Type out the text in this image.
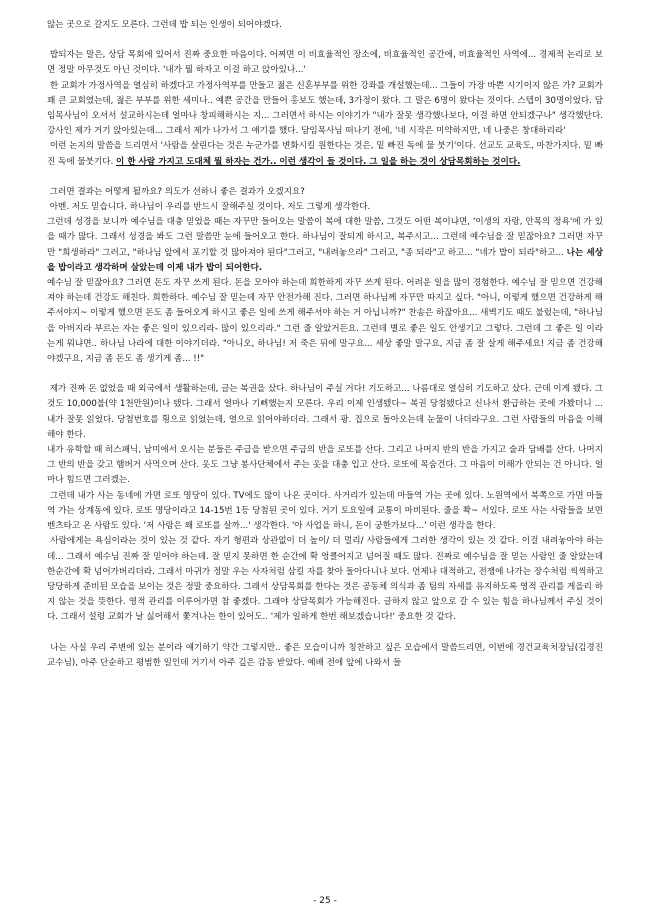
않는 곳으로 갈지도 모른다. 그런데 밥 되는 인생이 되어야겠다.

밥되자는 말은, 상담 목회에 있어서 진짜 중요한 마음이다. 어찌면 이 비효율적인 장소에, 비효율적인 공간에, 비효율적인 사역에... 경제적 논리로 보면 정말 아무것도 아닌 것이다. '내가 뭘 하자고 이걸 하고 앉아있나...'

한 교회가 가정사역을 열심히 하겠다고 가정사역부를 만들고 젊은 신혼부부를 위한 강좌를 개설했는데... 그들이 가장 바쁜 시기이지 않은 가? 교회가 꽤 큰 교회였는데, 젊은 부부를 위한 세미나.. 예쁜 공간을 만들어 홍보도 했는데, 3가정이 왔다. 그 말은 6명이 왔다는 것이다. 스텝이 30명이었다. 담임목사님이 오셔서 설교하시는데 얼마나 창피해하시는 지... 그러면서 하시는 이야기가 "내가 잘못 생각했나보다, 이걸 하면 안되겠구나" 생각했단다. 강사인 제가 거기 앉아있는데... 그래서 제가 나가서 그 얘기를 했다. 담임목사님 떠나기 전에, '네 시작은 미약하지만, 네 나중은 창대하리라'

이런 논지의 말씀을 드리면서 '사람을 살린다는 것은 누군가를 변화시킬 원한다는 것은, 밑 빠진 독에 물 붓기'이다. 선교도 교육도, 마찬가지다. 밑 빠진 독에 물붓기다. 이 한 사람 가지고 도대체 뭘 하자는 건가.. 이런 생각이 들 것이다. 그 일을 하는 것이 상담목회하는 것이다.

그러면 결과는 어떻게 될까요? 의도가 선하니 좋은 결과가 오겠지요?

아멘. 저도 믿습니다. 하나님이 우리를 반드시 잘해주실 것이다. 저도 그렇게 생각한다.

그런데 성경을 보니까 예수님을 대충 믿었을 때는 자꾸만 들어오는 말씀이 복에 대한 말씀, 그것도 어떤 복이냐면, '이생의 자랑, 안목의 정욕'에 가 있을 때가 많다. 그래서 성경을 봐도 그런 말씀만 눈에 들어오고 한다. 하나님이 잘되게 하시고, 복주시고... 그런데 예수님을 잘 믿잖아요? 그러면 자꾸만 "희생하라" 그러고, "하나님 앞에서 포기할 것 많아져야 된다"그러고, "내려놓으라" 그러고, "종 되라"고 하고... "네가 밥이 되라"하고... 나는 세상을 밥이라고 생각하며 살았는데 이제 내가 밥이 되어한다.

예수님 잘 믿잖아요? 그러면 돈도 자꾸 쓰게 된다. 돈을 모아야 하는데 희한하게 자꾸 쓰게 된다. 어려운 일을 많이 경험한다. 예수님 잘 믿으면 건강해져야 하는데 건강도 해친다. 희한하다. 예수님 잘 믿는데 자꾸 안전가해 진다. 그러면 하나님께 자꾸만 따지고 싶다. "아니, 이렇게 했으면 건강하게 해주셔야지~ 이렇게 했으면 돈도 좀 들어오게 하시고 좋은 일에 쓰게 해주셔야 하는 거 아닙니까?" 찬송은 하잖아요... 새벽기도 때도 불렀는데, "하나님을 아버지라 부르는 자는 좋은 일이 있으리라- 많이 있으리라." 그런 줄 알았거든요. 그런데 별로 좋은 일도 안생기고 그렇다. 그런데 그 좋은 일 이라는게 뭐냐면.. 하나님 나라에 대한 이야기더라. "아니오, 하나님! 저 죽은 뒤에 말구요... 세상 좋말 말구요, 지금 좀 잘 살게 해주세요! 지금 좀 건강해야겠구요, 지금 좀 돈도 좀 생기게 좀... !!"

제가 진짜 돈 없었을 때 외국에서 생활하는데, 글는 복권을 샀다. 하나님이 주실 거다! 기도하고... 나름대로 열심히 기도하고 샀다. 근데 이게 됐다. 그것도 10,000불(약 1천만원)이나 됐다. 그래서 얼마나 기뻐했는지 모른다. 우리 이제 인생됐다~ 복권 당첨됐다고 신나서 환급하는 곳에 가봤더니 ... 내가 잘못 읽었다. 당첨번호를 횡으로 읽었는데, 열으로 읽어야하더라. 그래서 팡. 집으로 돌아오는데 눈물이 나더라구요. 그런 사람들의 마음을 이해해야 한다.

내가 유학할 때 히스패닉, 남미에서 오시는 분들은 주급을 받으면 주급의 반을 로또를 산다. 그리고 나머지 반의 반을 가지고 술과 담배를 산다. 나머지 그 반의 반을 갖고 햄버거 사먹으며 산다. 옷도 그냥 봉사단체에서 주는 옷을 대충 입고 산다. 로또에 목숨건다. 그 마음이 이해가 안되는 건 아니다. 얼마나 힘드면 그러겠는.

그런데 내가 사는 동네에 가면 로또 명당이 있다. TV에도 많이 나온 곳이다. 사거리가 있는데 마들역 가는 곳에 있다. 노원역에서 북쪽으로 가면 마들역 가는 상계동에 있다. 로또 명당이라고 14-15번 1등 당첨된 곳이 있다. 거기 토요일에 교통이 마비된다. 줄을 쫙~ 서있다. 로또 사는 사람들을 보면 벤츠타고 온 사람도 있다. '저 사람은 왜 로또를 살까...' 생각한다. '아 사업을 하니, 돈이 궁한가보다...' 이런 생각을 한다.

사람에게는 욕심이라는 것이 있는 것 같다. 자기 형편과 상관없이 더 높이/ 더 멀리/ 사람들에게 그러한 생각이 있는 것 같다. 이걸 내려놓아야 하는데... 그래서 예수님 진짜 잘 믿어야 하는데. 잘 믿지 못하면 한 순간에 확 엉클어지고 넘어질 때도 많다. 진짜로 예수님을 잘 믿는 사람인 줄 알았는데 한순간에 확 넘어가버리더라. 그래서 마귀가 정말 우는 사자처럼 삼킬 자를 찾아 돌아다니나 보다. 언제나 대적하고, 전쟁에 나가는 장수처럼 씩씩하고 당당하게 준비된 모습을 보이는 것은 정말 중요하다. 그래서 상담목회를 한다는 것은 공동체 의식과 좀 팀의 자세를 유지하도록 영적 관리를 게을리 하지 않는 것을 뜻한다. 영적 관리를 이루어가면 참 좋겠다. 그래야 상담목회가 가능해진다. 글하지 않고 앞으로 갈 수 있는 힘을 하나님께서 주실 것이다. 그래서 설령 교회가 날 싫어해서 쫓겨나는 한이 있어도.. '제가 일하게 한번 해보겠습니다!' 중요한 것 같다.

나는 사실 우리 주변에 있는 분이라 얘기하기 약간 그렇지만.. 좋은 모습이니까 칭찬하고 싶은 모습에서 말씀드리면, 이번에 경건교육처장님(김경진 교수님), 아주 단순하고 평범한 일인데 거기서 아주 깊은 감동 받았다. 예배 전에 앞에 나와서 들

- 25 -
